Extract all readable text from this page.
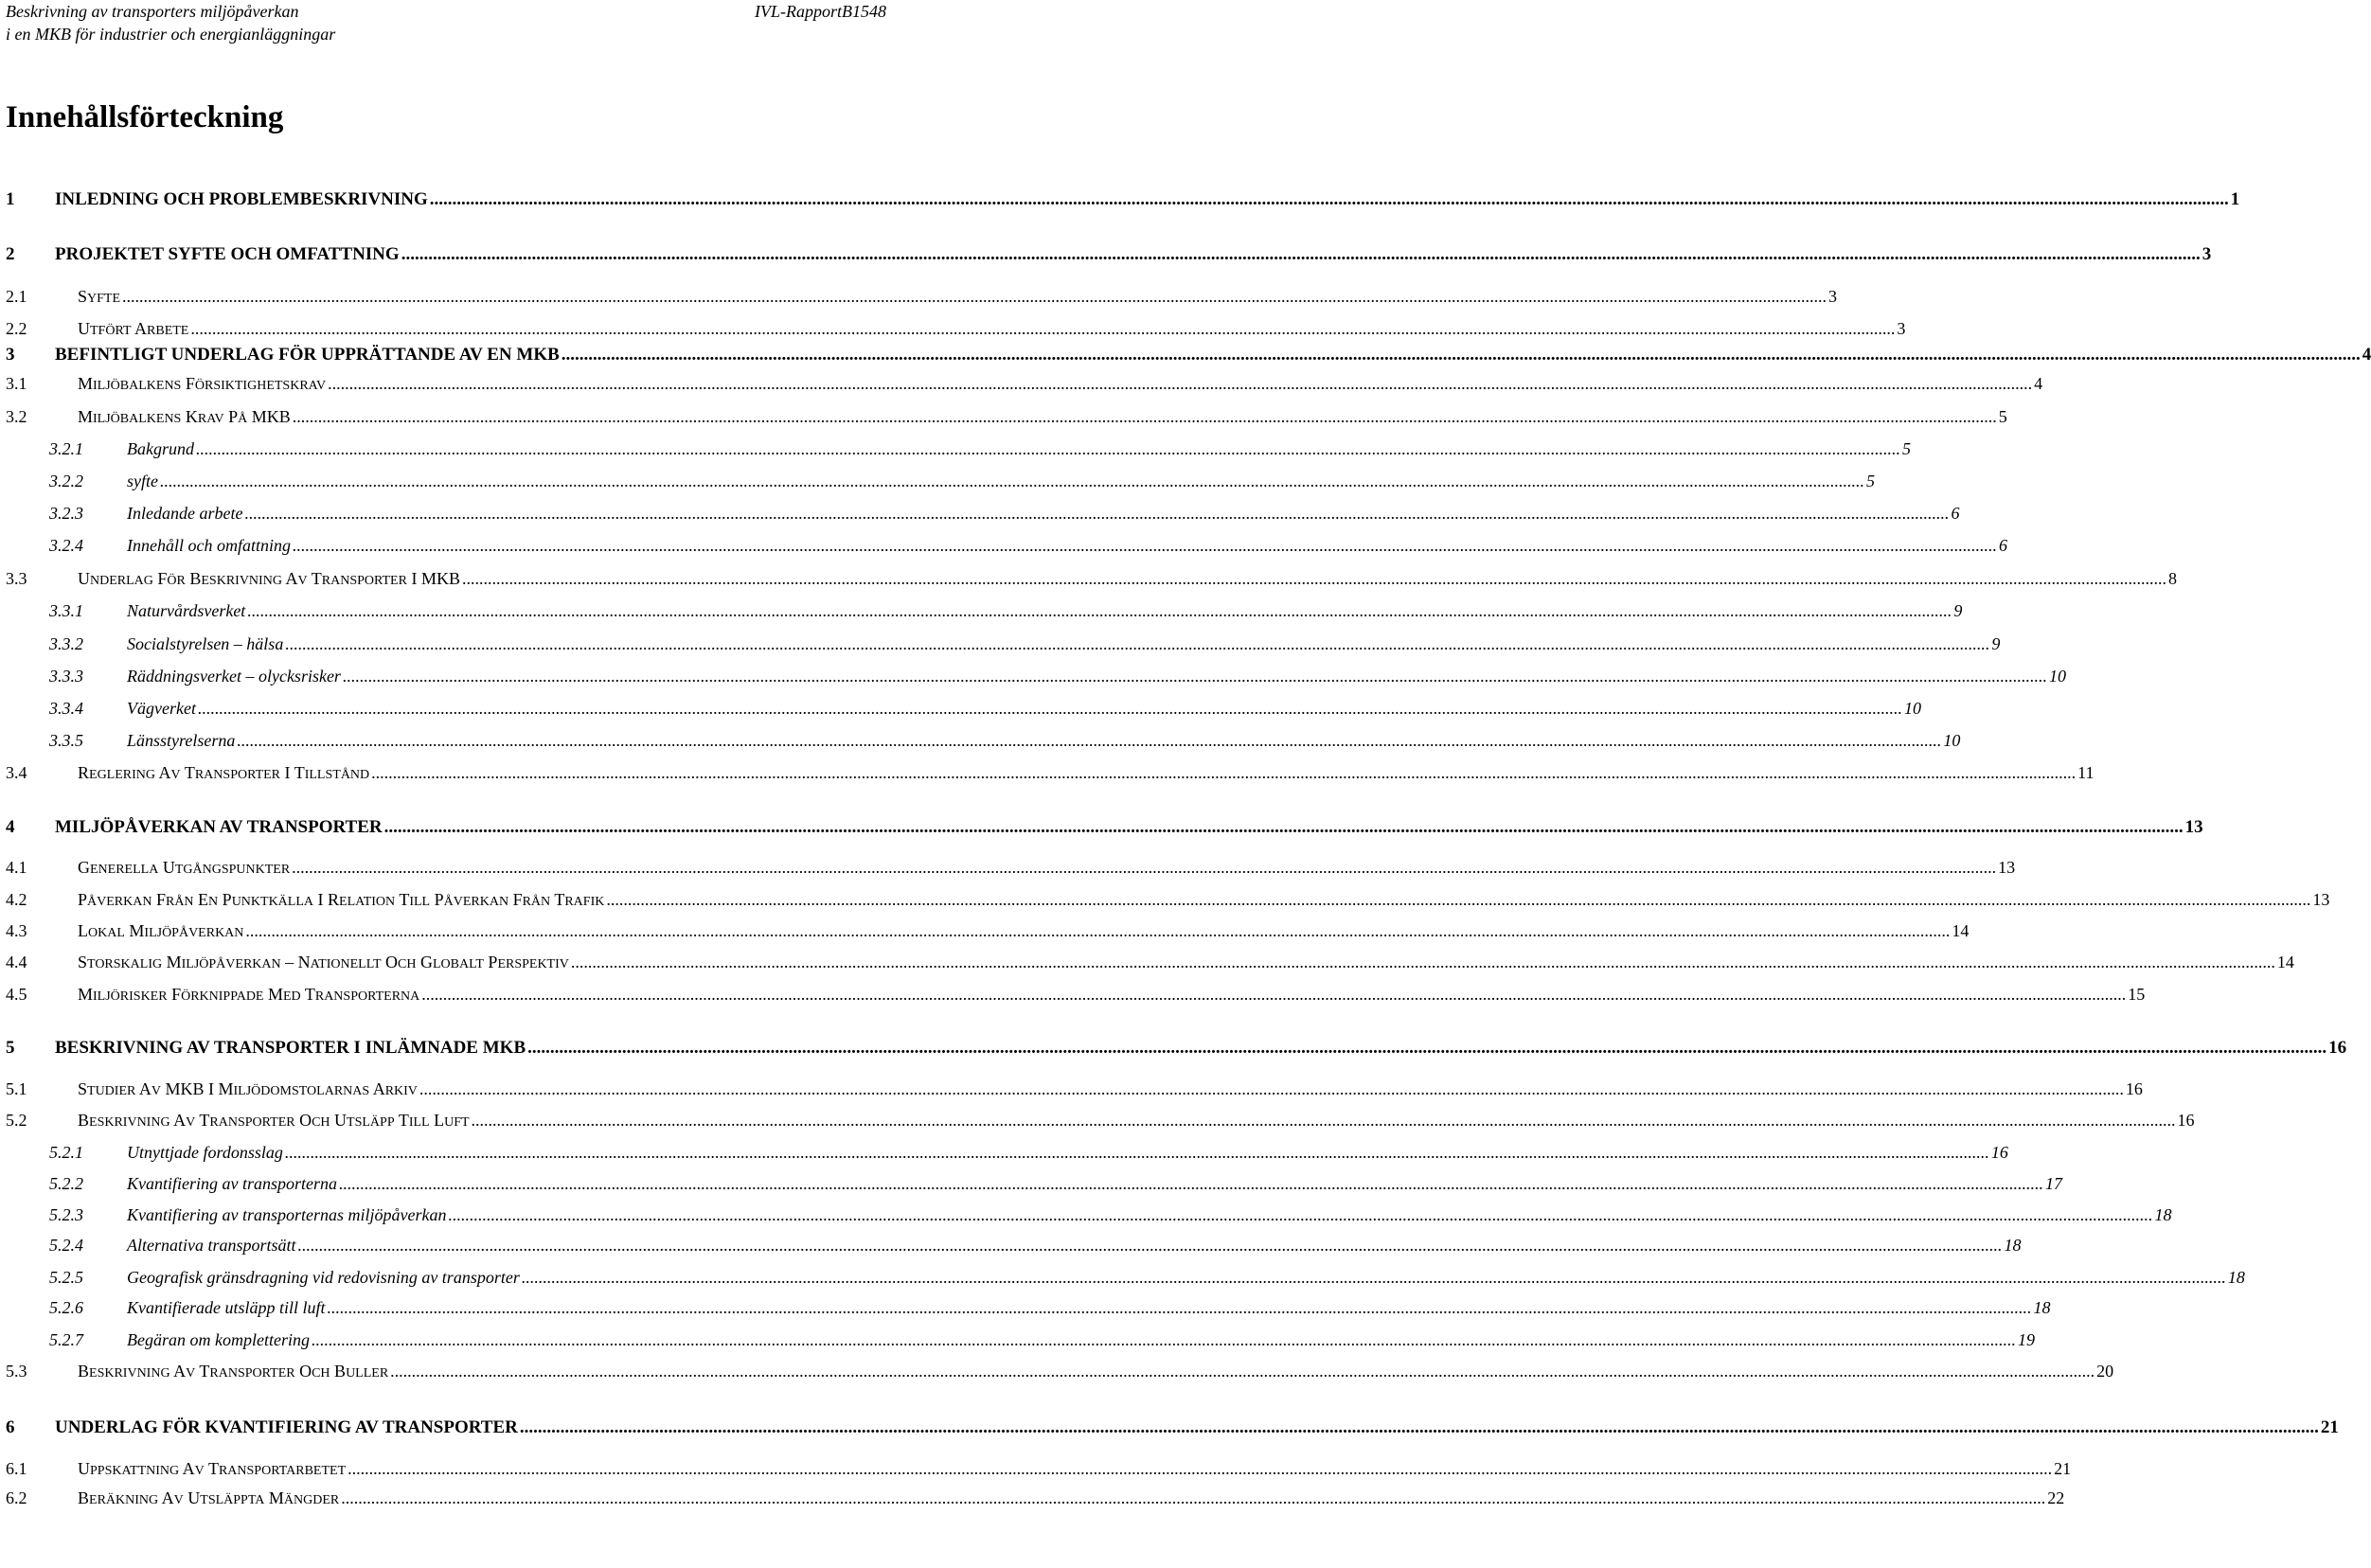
Beskrivning av transporters miljöpåverkan
i en MKB för industrier och energianläggningar
IVL-RapportB1548
Innehållsförteckning
1 INLEDNING OCH PROBLEMBESKRIVNING ................................................................................................................................................................................................................................................................................................................................................................................................................ 1
2 PROJEKTET SYFTE OCH OMFATTNING ................................................................................................................................................................................................................................................................................................................................................................................................................ 3
2.1	SYFTE ................................................................................................................................................................................................................................................................................................................................................................................................................ 3
2.2	UTFÖRT ARBETE ................................................................................................................................................................................................................................................................................................................................................................................................................ 3
3 BEFINTLIGT UNDERLAG FÖR UPPRÄTTANDE AV EN MKB ................................................................................................................................................................................................................................................................................................................................................................................................................ 4
3.1	MILJÖBALKENS FÖRSIKTIGHETSKRAV ................................................................................................................................................................................................................................................................................................................................................................................................................ 4
3.2	MILJÖBALKENS KRAV PÅ MKB ................................................................................................................................................................................................................................................................................................................................................................................................................ 5
3.2.1	Bakgrund ................................................................................................................................................................................................................................................................................................................................................................................................................ 5
3.2.2	syfte ................................................................................................................................................................................................................................................................................................................................................................................................................ 5
3.2.3	Inledande arbete ................................................................................................................................................................................................................................................................................................................................................................................................................ 6
3.2.4	Innehåll och omfattning ................................................................................................................................................................................................................................................................................................................................................................................................................ 6
3.3	UNDERLAG FÖR BESKRIVNING AV TRANSPORTER I MKB ................................................................................................................................................................................................................................................................................................................................................................................................................ 8
3.3.1	Naturvårdsverket ................................................................................................................................................................................................................................................................................................................................................................................................................ 9
3.3.2	Socialstyrelsen – hälsa ................................................................................................................................................................................................................................................................................................................................................................................................................ 9
3.3.3	Räddningsverket – olycksrisker ................................................................................................................................................................................................................................................................................................................................................................................................................ 10
3.3.4	Vägverket ................................................................................................................................................................................................................................................................................................................................................................................................................ 10
3.3.5	Länsstyrelserna ................................................................................................................................................................................................................................................................................................................................................................................................................ 10
3.4	REGLERING AV TRANSPORTER I TILLSTÅND ................................................................................................................................................................................................................................................................................................................................................................................................................ 11
4 MILJÖPÅVERKAN AV TRANSPORTER ................................................................................................................................................................................................................................................................................................................................................................................................................ 13
4.1	GENERELLA UTGÅNGSPUNKTER ................................................................................................................................................................................................................................................................................................................................................................................................................ 13
4.2	PÅVERKAN FRÅN EN PUNKTKÄLLA I RELATION TILL PÅVERKAN FRÅN TRAFIK ................................................................................................................................................................................................................................................................................................................................................................................................................ 13
4.3	LOKAL MILJÖPÅVERKAN ................................................................................................................................................................................................................................................................................................................................................................................................................ 14
4.4	STORSKALIG MILJÖPÅVERKAN – NATIONELLT OCH GLOBALT PERSPEKTIV ................................................................................................................................................................................................................................................................................................................................................................................................................ 14
4.5	MILJÖRISKER FÖRKNIPPADE MED TRANSPORTERNA ................................................................................................................................................................................................................................................................................................................................................................................................................ 15
5 BESKRIVNING AV TRANSPORTER I INLÄMNADE MKB ................................................................................................................................................................................................................................................................................................................................................................................................................ 16
5.1	STUDIER AV MKB I MILJÖDOMSTOLARNAS ARKIV ................................................................................................................................................................................................................................................................................................................................................................................................................ 16
5.2	BESKRIVNING AV TRANSPORTER OCH UTSLÄPP TILL LUFT ................................................................................................................................................................................................................................................................................................................................................................................................................ 16
5.2.1	Utnyttjade fordonsslag ................................................................................................................................................................................................................................................................................................................................................................................................................ 16
5.2.2	Kvantifiering av transporterna ................................................................................................................................................................................................................................................................................................................................................................................................................ 17
5.2.3	Kvantifiering av transporternas miljöpåverkan ................................................................................................................................................................................................................................................................................................................................................................................................................ 18
5.2.4	Alternativa transportsätt ................................................................................................................................................................................................................................................................................................................................................................................................................ 18
5.2.5	Geografisk gränsdragning vid redovisning av transporter ................................................................................................................................................................................................................................................................................................................................................................................................................ 18
5.2.6	Kvantifierade utsläpp till luft ................................................................................................................................................................................................................................................................................................................................................................................................................ 18
5.2.7	Begäran om komplettering ................................................................................................................................................................................................................................................................................................................................................................................................................ 19
5.3	BESKRIVNING AV TRANSPORTER OCH BULLER ................................................................................................................................................................................................................................................................................................................................................................................................................ 20
6 UNDERLAG FÖR KVANTIFIERING AV TRANSPORTER ................................................................................................................................................................................................................................................................................................................................................................................................................ 21
6.1	UPPSKATTNING AV TRANSPORTARBETET ................................................................................................................................................................................................................................................................................................................................................................................................................ 21
6.2	BERÄKNING AV UTSLÄPPTA MÄNGDER ................................................................................................................................................................................................................................................................................................................................................................................................................ 22
